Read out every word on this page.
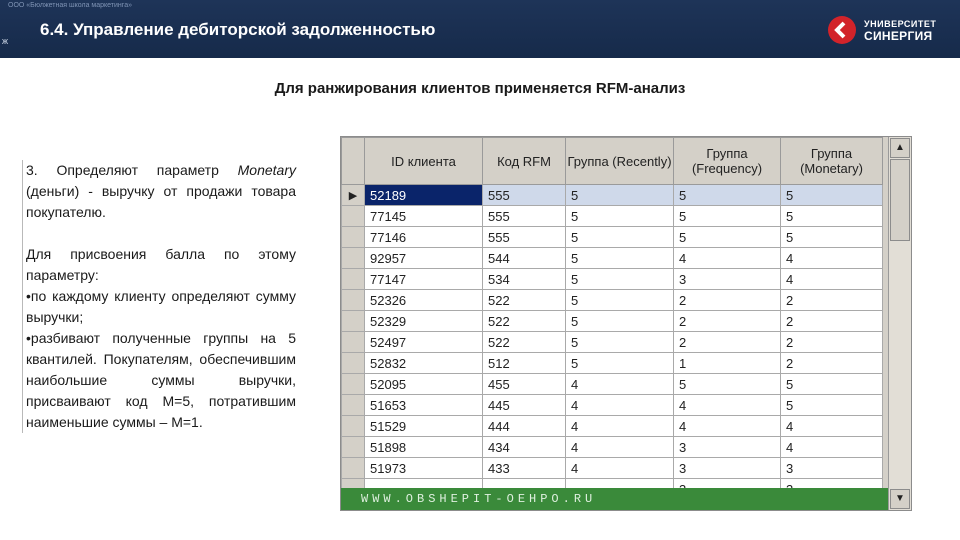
ООО «Бюлжетная школа маркетинга»
ж
6.4. Управление дебиторской задолженностью	УНИВЕРСИТЕТ
СИНЕРГИЯ
Для ранжирования клиентов применяется RFM-анализ

3. Определяют параметр Monetary (деньги) - выручку от продажи товара покупателю.

Для присвоения балла по этому параметру:
•по каждому клиенту определяют сумму выручки;
•разбивают полученные группы на 5 квантилей. Покупателям, обеспечившим наибольшие суммы выручки, присваивают код M=5, потратившим наименьшие суммы – M=1.

	ID клиента	Код RFM	Группа (Recently)	Группа (Frequency)	Группа (Monetary)
▶	52189	555	5	5	5
	77145	555	5	5	5
	77146	555	5	5	5
	92957	544	5	4	4
	77147	534	5	3	4
	52326	522	5	2	2
	52329	522	5	2	2
	52497	522	5	2	2
	52832	512	5	1	2
	52095	455	4	5	5
	51653	445	4	4	5
	51529	444	4	4	4
	51898	434	4	3	4
	51973	433	4	3	3

WWW.OBSHEPIT-OEHPO.RU
▲
▼
